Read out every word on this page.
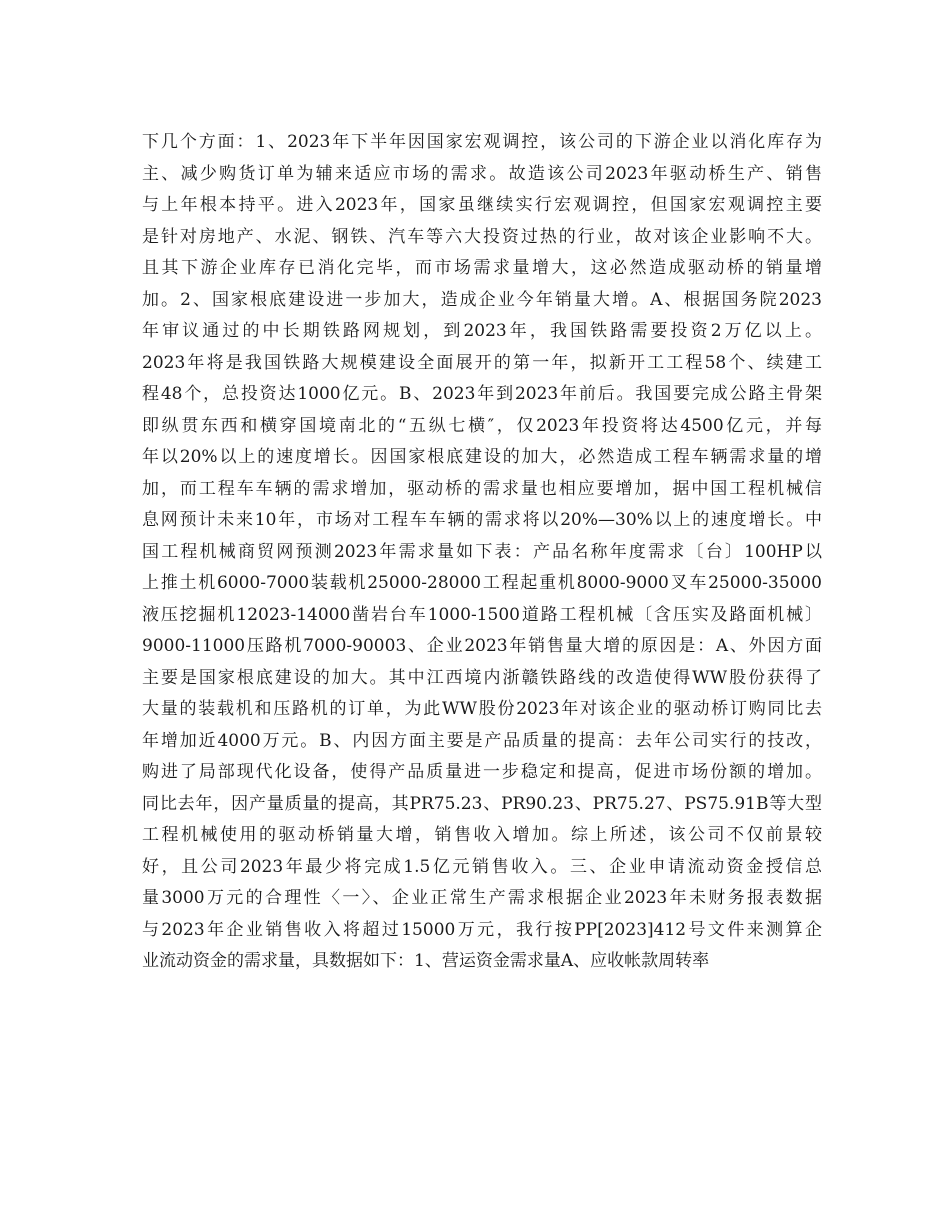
下几个方面：1、2023年下半年因国家宏观调控，该公司的下游企业以消化库存为
主、减少购货订单为辅来适应市场的需求。故造该公司2023年驱动桥生产、销售
与上年根本持平。进入2023年，国家虽继续实行宏观调控，但国家宏观调控主要
是针对房地产、水泥、钢铁、汽车等六大投资过热的行业，故对该企业影响不大。
且其下游企业库存已消化完毕，而市场需求量增大，这必然造成驱动桥的销量增
加。2、国家根底建设进一步加大，造成企业今年销量大增。A、根据国务院2023
年审议通过的中长期铁路网规划，到2023年，我国铁路需要投资2万亿以上。
2023年将是我国铁路大规模建设全面展开的第一年，拟新开工工程58个、续建工
程48个，总投资达1000亿元。B、2023年到2023年前后。我国要完成公路主骨架
即纵贯东西和横穿国境南北的“五纵七横″，仅2023年投资将达4500亿元，并每
年以20%以上的速度增长。因国家根底建设的加大，必然造成工程车辆需求量的增
加，而工程车车辆的需求增加，驱动桥的需求量也相应要增加，据中国工程机械信
息网预计未来10年，市场对工程车车辆的需求将以20%—30%以上的速度增长。中
国工程机械商贸网预测2023年需求量如下表：产品名称年度需求〔台〕100HP以
上推土机6000-7000装载机25000-28000工程起重机8000-9000叉车25000-35000
液压挖掘机12023-14000凿岩台车1000-1500道路工程机械〔含压实及路面机械〕
9000-11000压路机7000-90003、企业2023年销售量大增的原因是：A、外因方面
主要是国家根底建设的加大。其中江西境内浙赣铁路线的改造使得WW股份获得了
大量的装载机和压路机的订单，为此WW股份2023年对该企业的驱动桥订购同比去
年增加近4000万元。B、内因方面主要是产品质量的提高：去年公司实行的技改，
购进了局部现代化设备，使得产品质量进一步稳定和提高，促进市场份额的增加。
同比去年，因产量质量的提高，其PR75.23、PR90.23、PR75.27、PS75.91B等大型
工程机械使用的驱动桥销量大增，销售收入增加。综上所述，该公司不仅前景较
好，且公司2023年最少将完成1.5亿元销售收入。三、企业申请流动资金授信总
量3000万元的合理性〈一〉、企业正常生产需求根据企业2023年未财务报表数据
与2023年企业销售收入将超过15000万元，我行按PP[2023]412号文件来测算企
业流动资金的需求量，具数据如下：1、营运资金需求量A、应收帐款周转率
